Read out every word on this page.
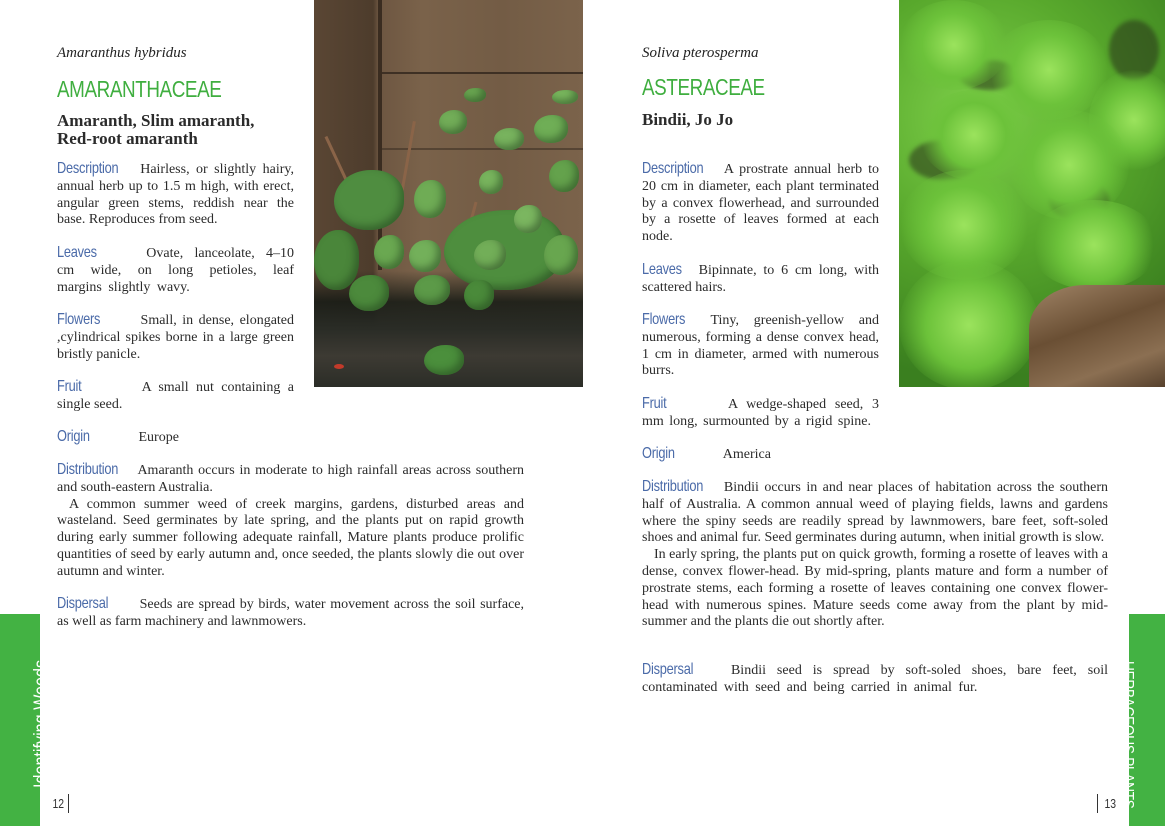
Amaranthus hybridus
AMARANTHACEAE
Amaranth, Slim amaranth, Red-root amaranth
Description Hairless, or slightly hairy, annual herb up to 1.5 m high, with erect, angular green stems, reddish near the base. Reproduces from seed.
Leaves	Ovate, lanceolate, 4–10 cm wide, on long petioles, leaf margins slightly wavy.
Flowers	Small, in dense, elongated ,cylindrical spikes borne in a large green bristly panicle.
Fruit	A small nut containing a single seed.
Origin	Europe

Distribution Amaranth occurs in moderate to high rainfall areas across southern and south-eastern Australia.

A common summer weed of creek margins, gardens, disturbed areas and wasteland. Seed germinates by late spring, and the plants put on rapid growth during early summer following adequate rainfall, Mature plants produce prolific quantities of seed by early autumn and, once seeded, the plants slowly die out over autumn and winter.

Dispersal Seeds are spread by birds, water movement across the soil surface, as well as farm machinery and lawnmowers.
Identifying Weeds
12
Soliva pterosperma
ASTERACEAE
Bindii, Jo Jo
Description A prostrate annual herb to 20 cm in diameter, each plant terminated by a convex flowerhead, and surrounded by a rosette of leaves formed at each node.
Leaves Bipinnate, to 6 cm long, with scattered hairs.
Flowers Tiny, greenish-yellow and numerous, forming a dense convex head, 1 cm in diameter, armed with numerous burrs.
Fruit	A wedge-shaped seed, 3 mm long, surmounted by a rigid spine.
Origin	America

Distribution Bindii occurs in and near places of habitation across the southern half of Australia. A common annual weed of playing fields, lawns and gardens where the spiny seeds are readily spread by lawnmowers, bare feet, soft-soled shoes and animal fur. Seed germinates during autumn, when initial growth is slow.

In early spring, the plants put on quick growth, forming a rosette of leaves with a dense, convex flower-head. By mid-spring, plants mature and form a number of prostrate stems, each forming a rosette of leaves containing one convex flower-head with numerous spines. Mature seeds come away from the plant by mid-summer and the plants die out shortly after.

Dispersal	Bindii seed is spread by soft-soled shoes, bare feet, soil contaminated with seed and being carried in animal fur.
13 HERBACEOUS PLANTS
